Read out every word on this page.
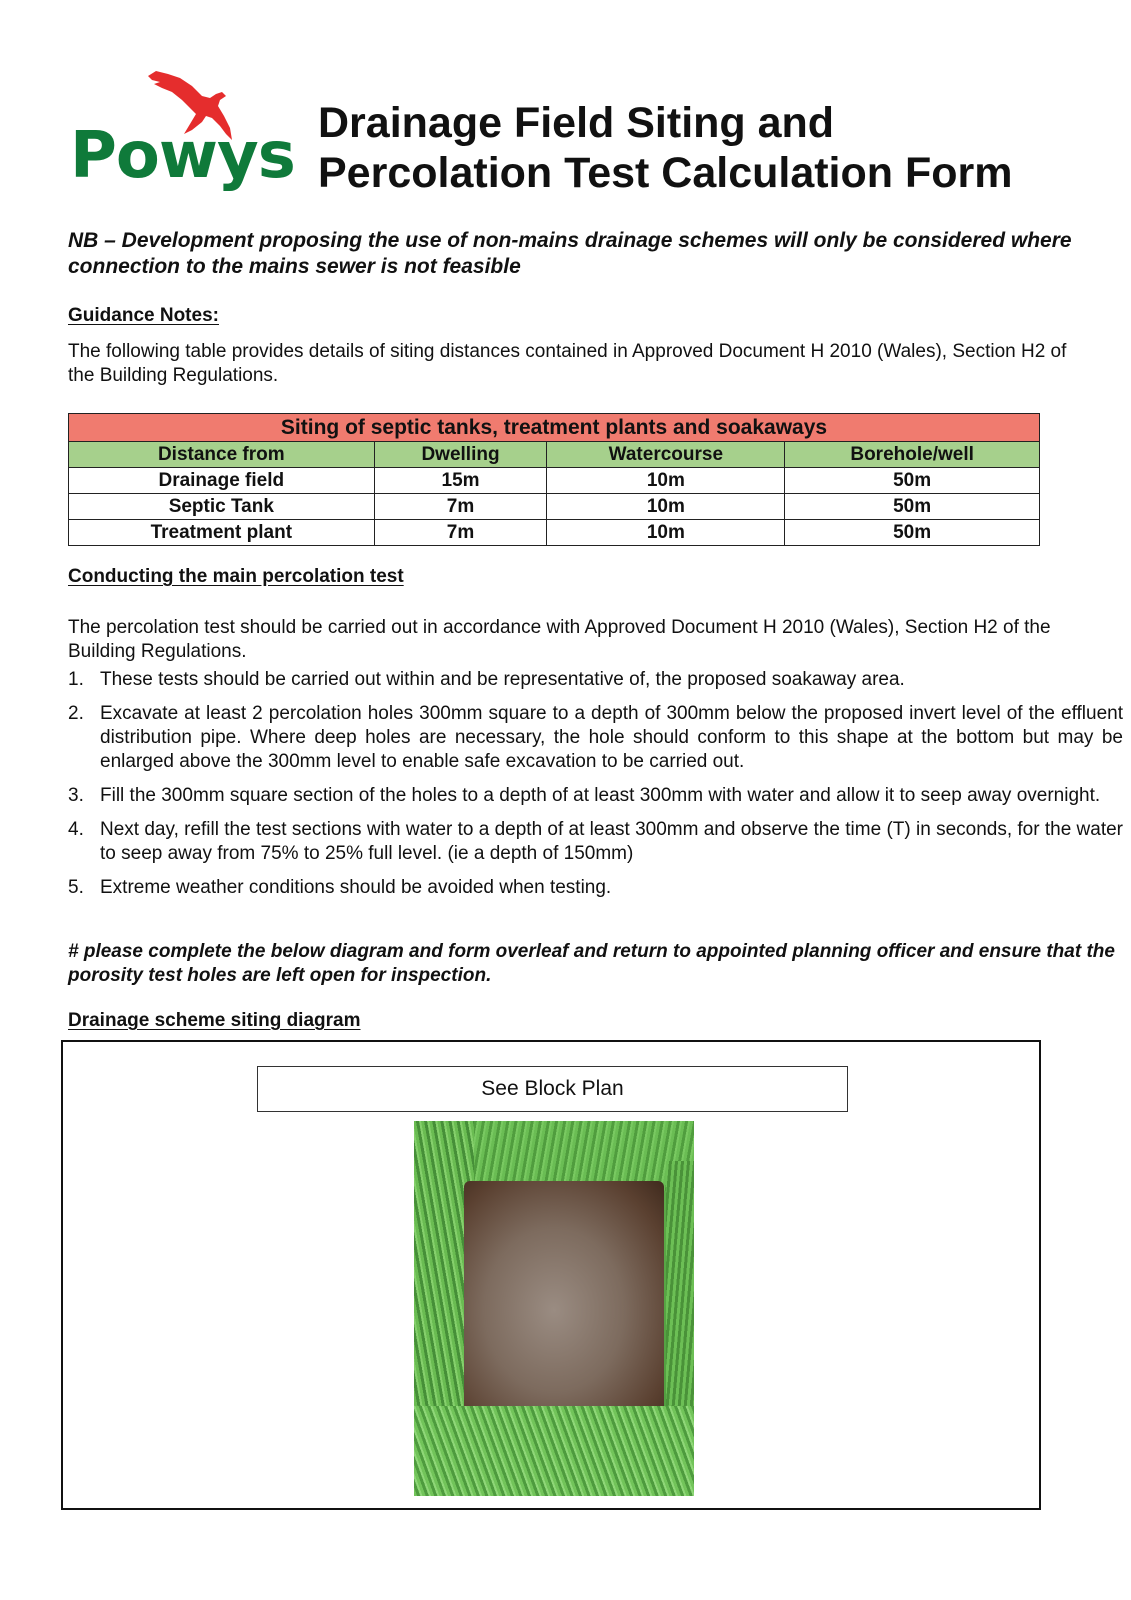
Powys Drainage Field Siting and
Percolation Test Calculation Form
NB – Development proposing the use of non-mains drainage schemes will only be considered where connection to the mains sewer is not feasible
Guidance Notes:
The following table provides details of siting distances contained in Approved Document H 2010 (Wales), Section H2 of the Building Regulations.
Siting of septic tanks, treatment plants and soakaways			
Distance from	Dwelling	Watercourse	Borehole/well
Drainage field	15m	10m	50m
Septic Tank	7m	10m	50m
Treatment plant	7m	10m	50m
Conducting the main percolation test
The percolation test should be carried out in accordance with Approved Document H 2010 (Wales), Section H2 of the Building Regulations.
1. These tests should be carried out within and be representative of, the proposed soakaway area.
2. Excavate at least 2 percolation holes 300mm square to a depth of 300mm below the proposed invert level of the effluent distribution pipe. Where deep holes are necessary, the hole should conform to this shape at the bottom but may be enlarged above the 300mm level to enable safe excavation to be carried out.
3. Fill the 300mm square section of the holes to a depth of at least 300mm with water and allow it to seep away overnight.
4. Next day, refill the test sections with water to a depth of at least 300mm and observe the time (T) in seconds, for the water to seep away from 75% to 25% full level. (ie a depth of 150mm)
5. Extreme weather conditions should be avoided when testing.
# please complete the below diagram and form overleaf and return to appointed planning officer and ensure that the porosity test holes are left open for inspection.
Drainage scheme siting diagram
See Block Plan
